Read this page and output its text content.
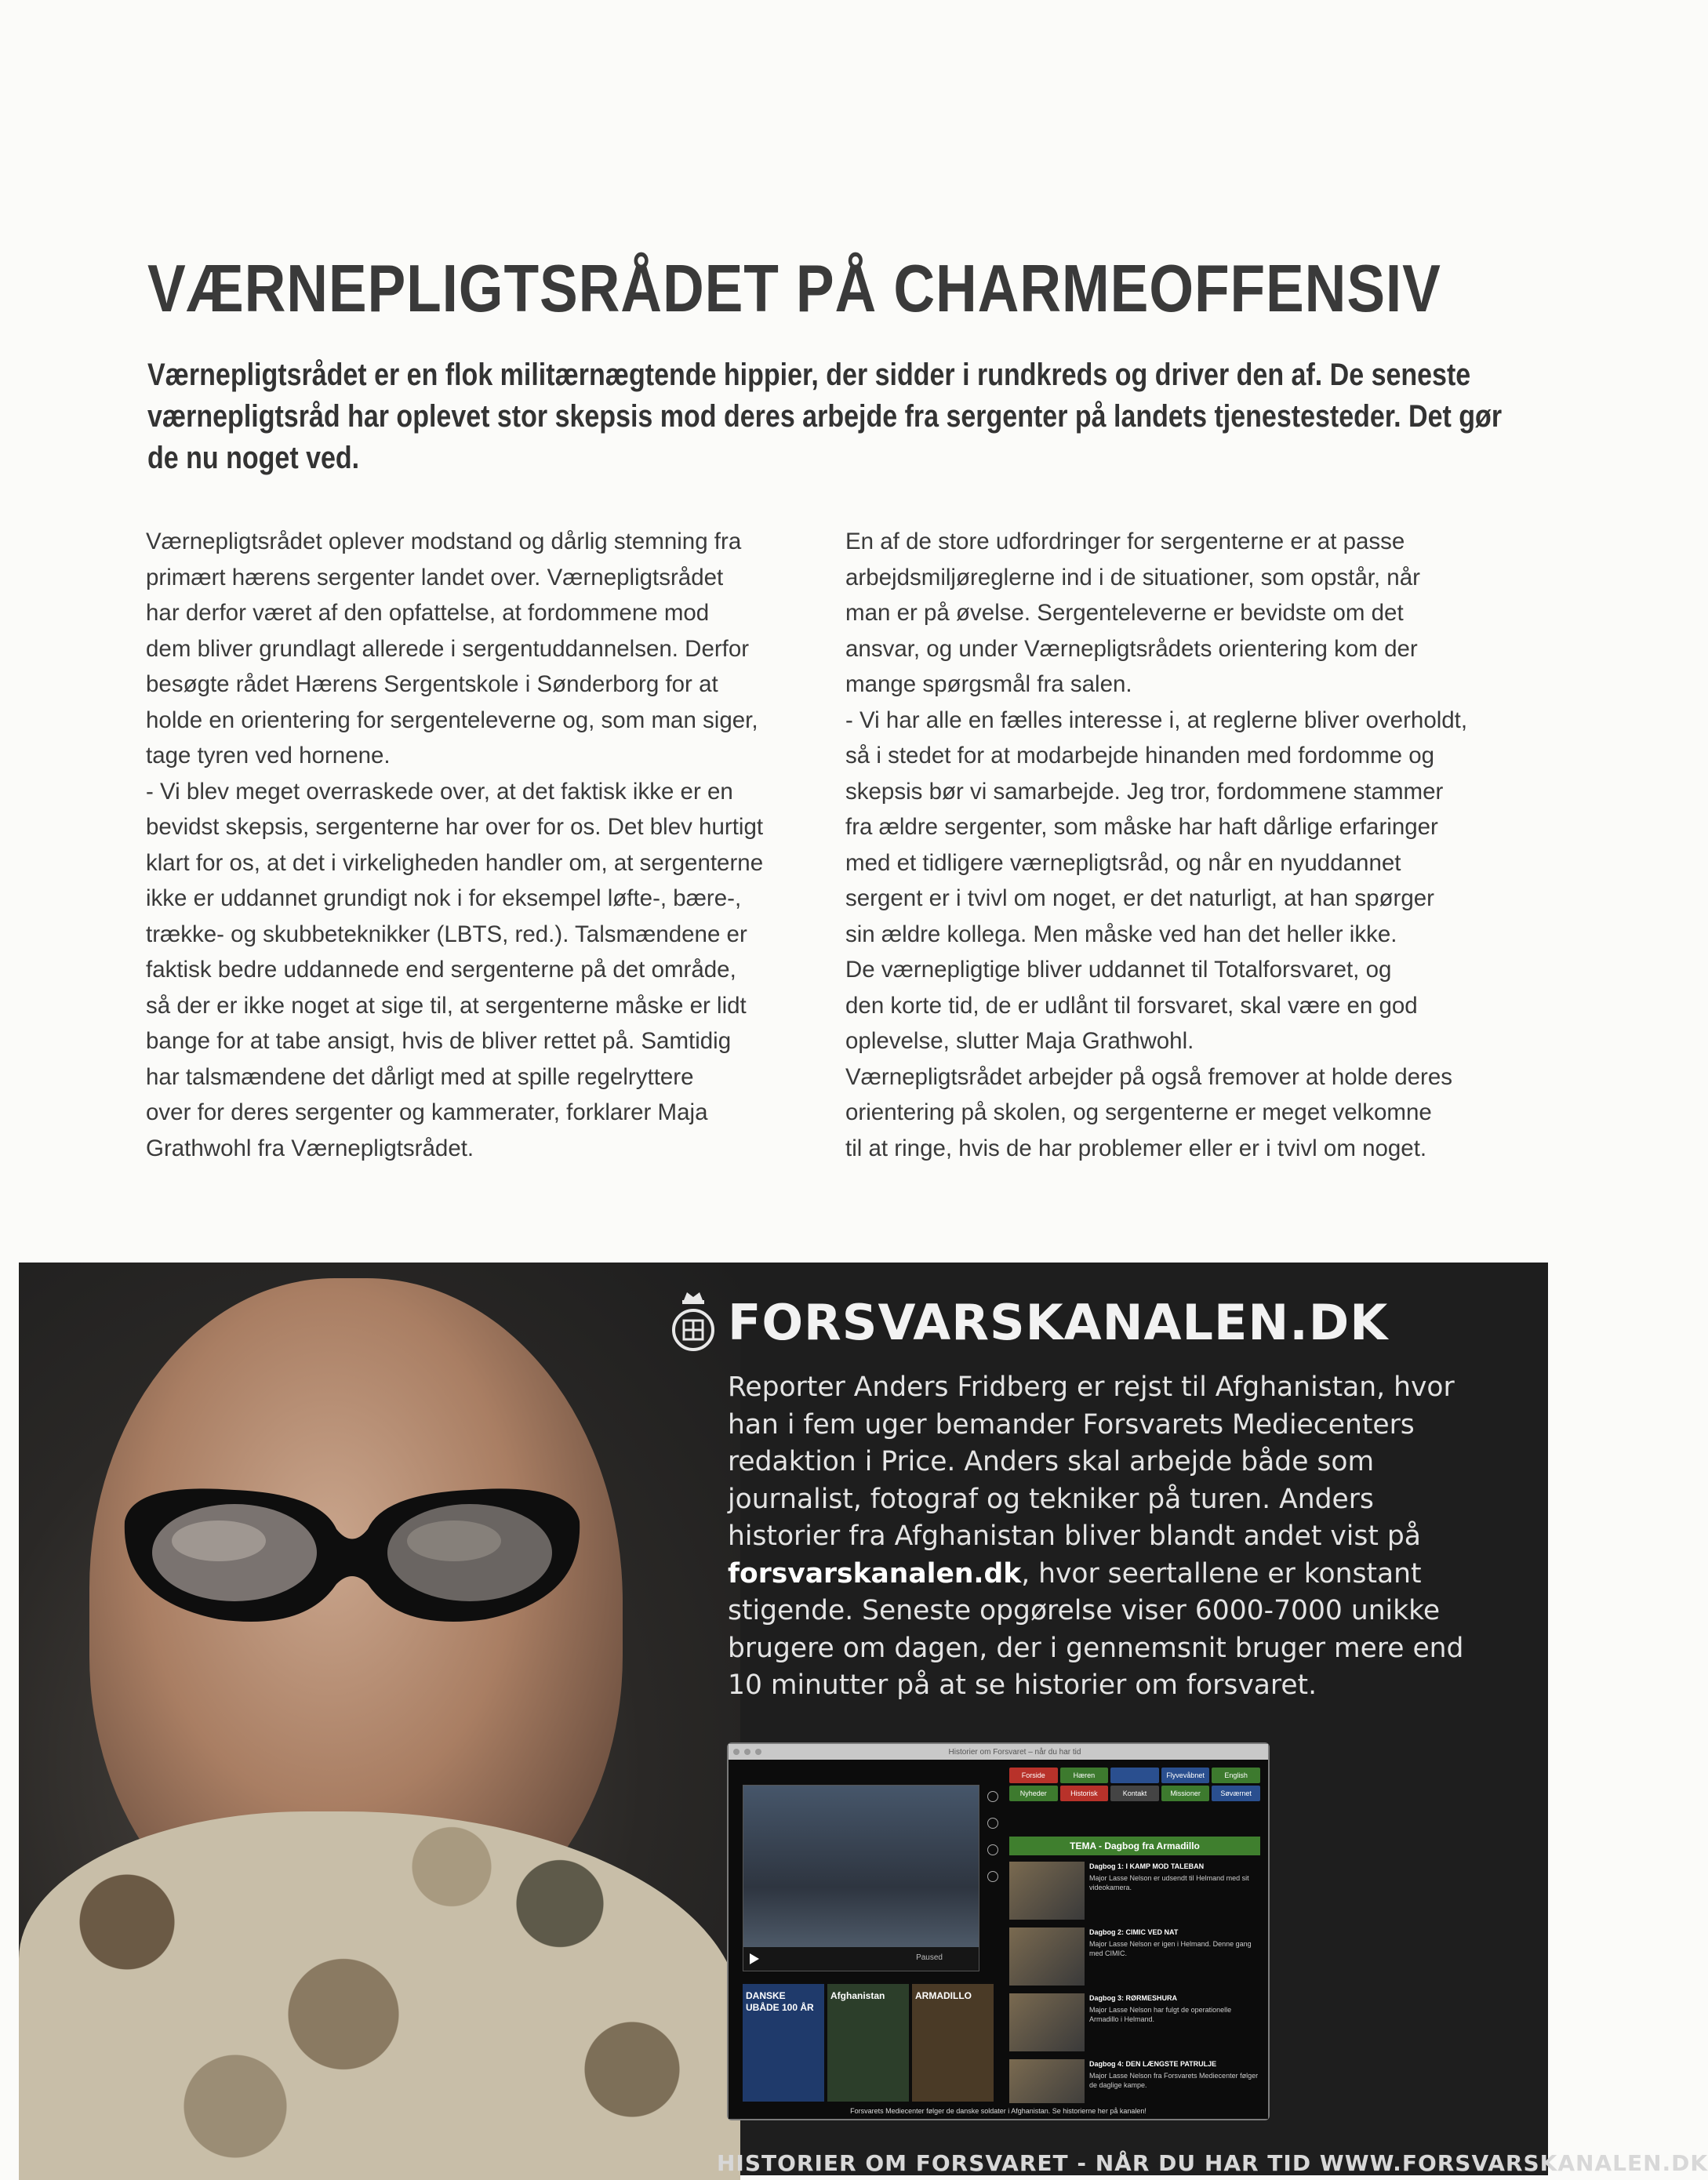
VÆRNEPLIGTSRÅDET PÅ CHARMEOFFENSIV

Værnepligtsrådet er en flok militærnægtende hippier, der sidder i rundkreds og driver den af. De seneste værnepligtsråd har oplevet stor skepsis mod deres arbejde fra sergenter på landets tjenestesteder. Det gør de nu noget ved.

Værnepligtsrådet oplever modstand og dårlig stemning fra
primært hærens sergenter landet over. Værnepligtsrådet
har derfor været af den opfattelse, at fordommene mod
dem bliver grundlagt allerede i sergentuddannelsen. Derfor
besøgte rådet Hærens Sergentskole i Sønderborg for at
holde en orientering for sergenteleverne og, som man siger,
tage tyren ved hornene.
- Vi blev meget overraskede over, at det faktisk ikke er en
bevidst skepsis, sergenterne har over for os. Det blev hurtigt
klart for os, at det i virkeligheden handler om, at sergenterne
ikke er uddannet grundigt nok i for eksempel løfte-, bære-,
trække- og skubbeteknikker (LBTS, red.). Talsmændene er
faktisk bedre uddannede end sergenterne på det område,
så der er ikke noget at sige til, at sergenterne måske er lidt
bange for at tabe ansigt, hvis de bliver rettet på. Samtidig
har talsmændene det dårligt med at spille regelryttere
over for deres sergenter og kammerater, forklarer Maja
Grathwohl fra Værnepligtsrådet.

En af de store udfordringer for sergenterne er at passe
arbejdsmiljøreglerne ind i de situationer, som opstår, når
man er på øvelse. Sergenteleverne er bevidste om det
ansvar, og under Værnepligtsrådets orientering kom der
mange spørgsmål fra salen.
- Vi har alle en fælles interesse i, at reglerne bliver overholdt,
så i stedet for at modarbejde hinanden med fordomme og
skepsis bør vi samarbejde. Jeg tror, fordommene stammer
fra ældre sergenter, som måske har haft dårlige erfaringer
med et tidligere værnepligtsråd, og når en nyuddannet
sergent er i tvivl om noget, er det naturligt, at han spørger
sin ældre kollega. Men måske ved han det heller ikke.
De værnepligtige bliver uddannet til Totalforsvaret, og
den korte tid, de er udlånt til forsvaret, skal være en god
oplevelse, slutter Maja Grathwohl.
Værnepligtsrådet arbejder på også fremover at holde deres
orientering på skolen, og sergenterne er meget velkomne
til at ringe, hvis de har problemer eller er i tvivl om noget.

FORSVARSKANALEN.DK

Reporter Anders Fridberg er rejst til Afghanistan, hvor han i fem uger bemander Forsvarets Mediecenters redaktion i Price. Anders skal arbejde både som journalist, fotograf og tekniker på turen. Anders historier fra Afghanistan bliver blandt andet vist på forsvarskanalen.dk, hvor seertallene er konstant stigende. Seneste opgørelse viser 6000-7000 unikke brugere om dagen, der i gennemsnit bruger mere end 10 minutter på at se historier om forsvaret.

Historier om Forsvaret – når du har tid
Paused
Forside	Hæren	Flyvevåbnet	English
Nyheder	Historisk	Kontakt	Missioner	Søværnet
TEMA - Dagbog fra Armadillo
Dagbog 1: I KAMP MOD TALEBAN
Major Lasse Nelson er udsendt til Helmand med sit videokamera.
Dagbog 2: CIMIC VED NAT
Major Lasse Nelson er igen i Helmand. Denne gang med CIMIC.
Dagbog 3: RØRMESHURA
Major Lasse Nelson har fulgt de operationelle Armadillo i Helmand.
Dagbog 4: DEN LÆNGSTE PATRULJE
Major Lasse Nelson fra Forsvarets Mediecenter følger de daglige kampe.
DANSKE UBÅDE 100 ÅR
Afghanistan	ARMADILLO
Forsvarets Mediecenter følger de danske soldater i Afghanistan. Se historierne her på kanalen!

HISTORIER OM FORSVARET - NÅR DU HAR TID WWW.FORSVARSKANALEN.DK
